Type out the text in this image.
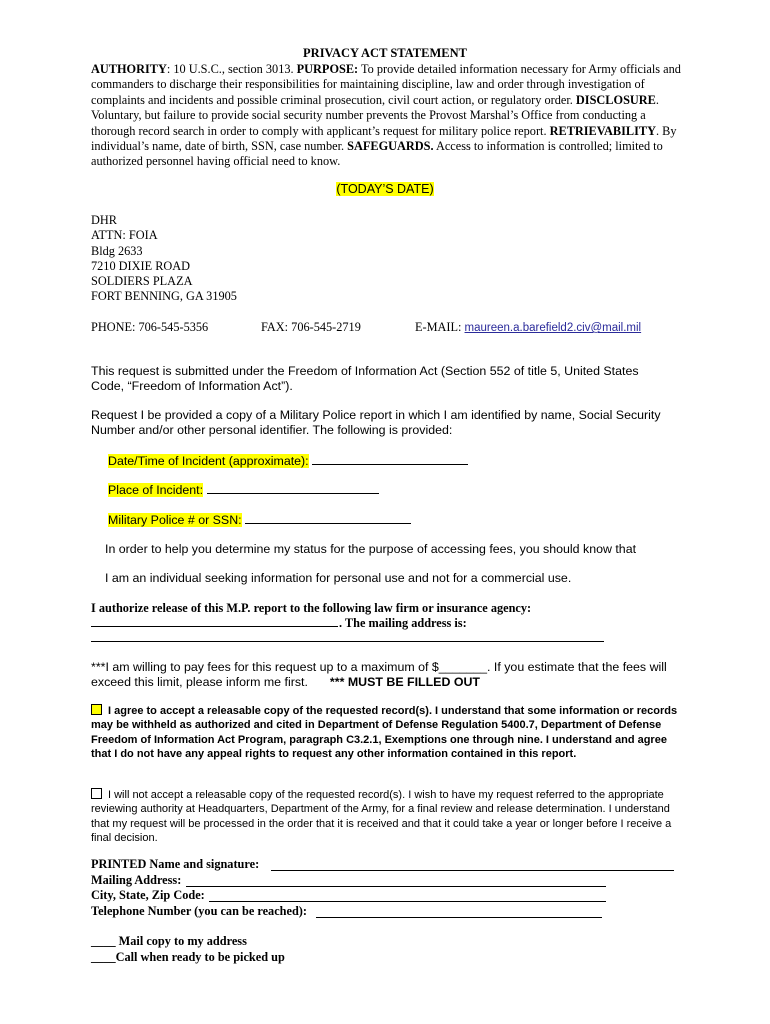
PRIVACY ACT STATEMENT
AUTHORITY: 10 U.S.C., section 3013. PURPOSE: To provide detailed information necessary for Army officials and commanders to discharge their responsibilities for maintaining discipline, law and order through investigation of complaints and incidents and possible criminal prosecution, civil court action, or regulatory order. DISCLOSURE. Voluntary, but failure to provide social security number prevents the Provost Marshal’s Office from conducting a thorough record search in order to comply with applicant’s request for military police report. RETRIEVABILITY. By individual’s name, date of birth, SSN, case number. SAFEGUARDS. Access to information is controlled; limited to authorized personnel having official need to know.
(TODAY’S DATE)
DHR
ATTN: FOIA
Bldg 2633
7210 DIXIE ROAD
SOLDIERS PLAZA
FORT BENNING, GA 31905
PHONE: 706-545-5356	FAX: 706-545-2719	E-MAIL: maureen.a.barefield2.civ@mail.mil
This request is submitted under the Freedom of Information Act (Section 552 of title 5, United States Code, “Freedom of Information Act”).
Request I be provided a copy of a Military Police report in which I am identified by name, Social Security Number and/or other personal identifier. The following is provided:
Date/Time of Incident (approximate):
Place of Incident:
Military Police # or SSN:
In order to help you determine my status for the purpose of accessing fees, you should know that
I am an individual seeking information for personal use and not for a commercial use.
I authorize release of this M.P. report to the following law firm or insurance agency:
. The mailing address is:
***I am willing to pay fees for this request up to a maximum of $_______. If you estimate that the fees will exceed this limit, please inform me first. *** MUST BE FILLED OUT
I agree to accept a releasable copy of the requested record(s). I understand that some information or records may be withheld as authorized and cited in Department of Defense Regulation 5400.7, Department of Defense Freedom of Information Act Program, paragraph C3.2.1, Exemptions one through nine. I understand and agree that I do not have any appeal rights to request any other information contained in this report.
I will not accept a releasable copy of the requested record(s). I wish to have my request referred to the appropriate reviewing authority at Headquarters, Department of the Army, for a final review and release determination. I understand that my request will be processed in the order that it is received and that it could take a year or longer before I receive a final decision.
PRINTED Name and signature:
Mailing Address:
City, State, Zip Code:
Telephone Number (you can be reached):
____ Mail copy to my address
____Call when ready to be picked up
